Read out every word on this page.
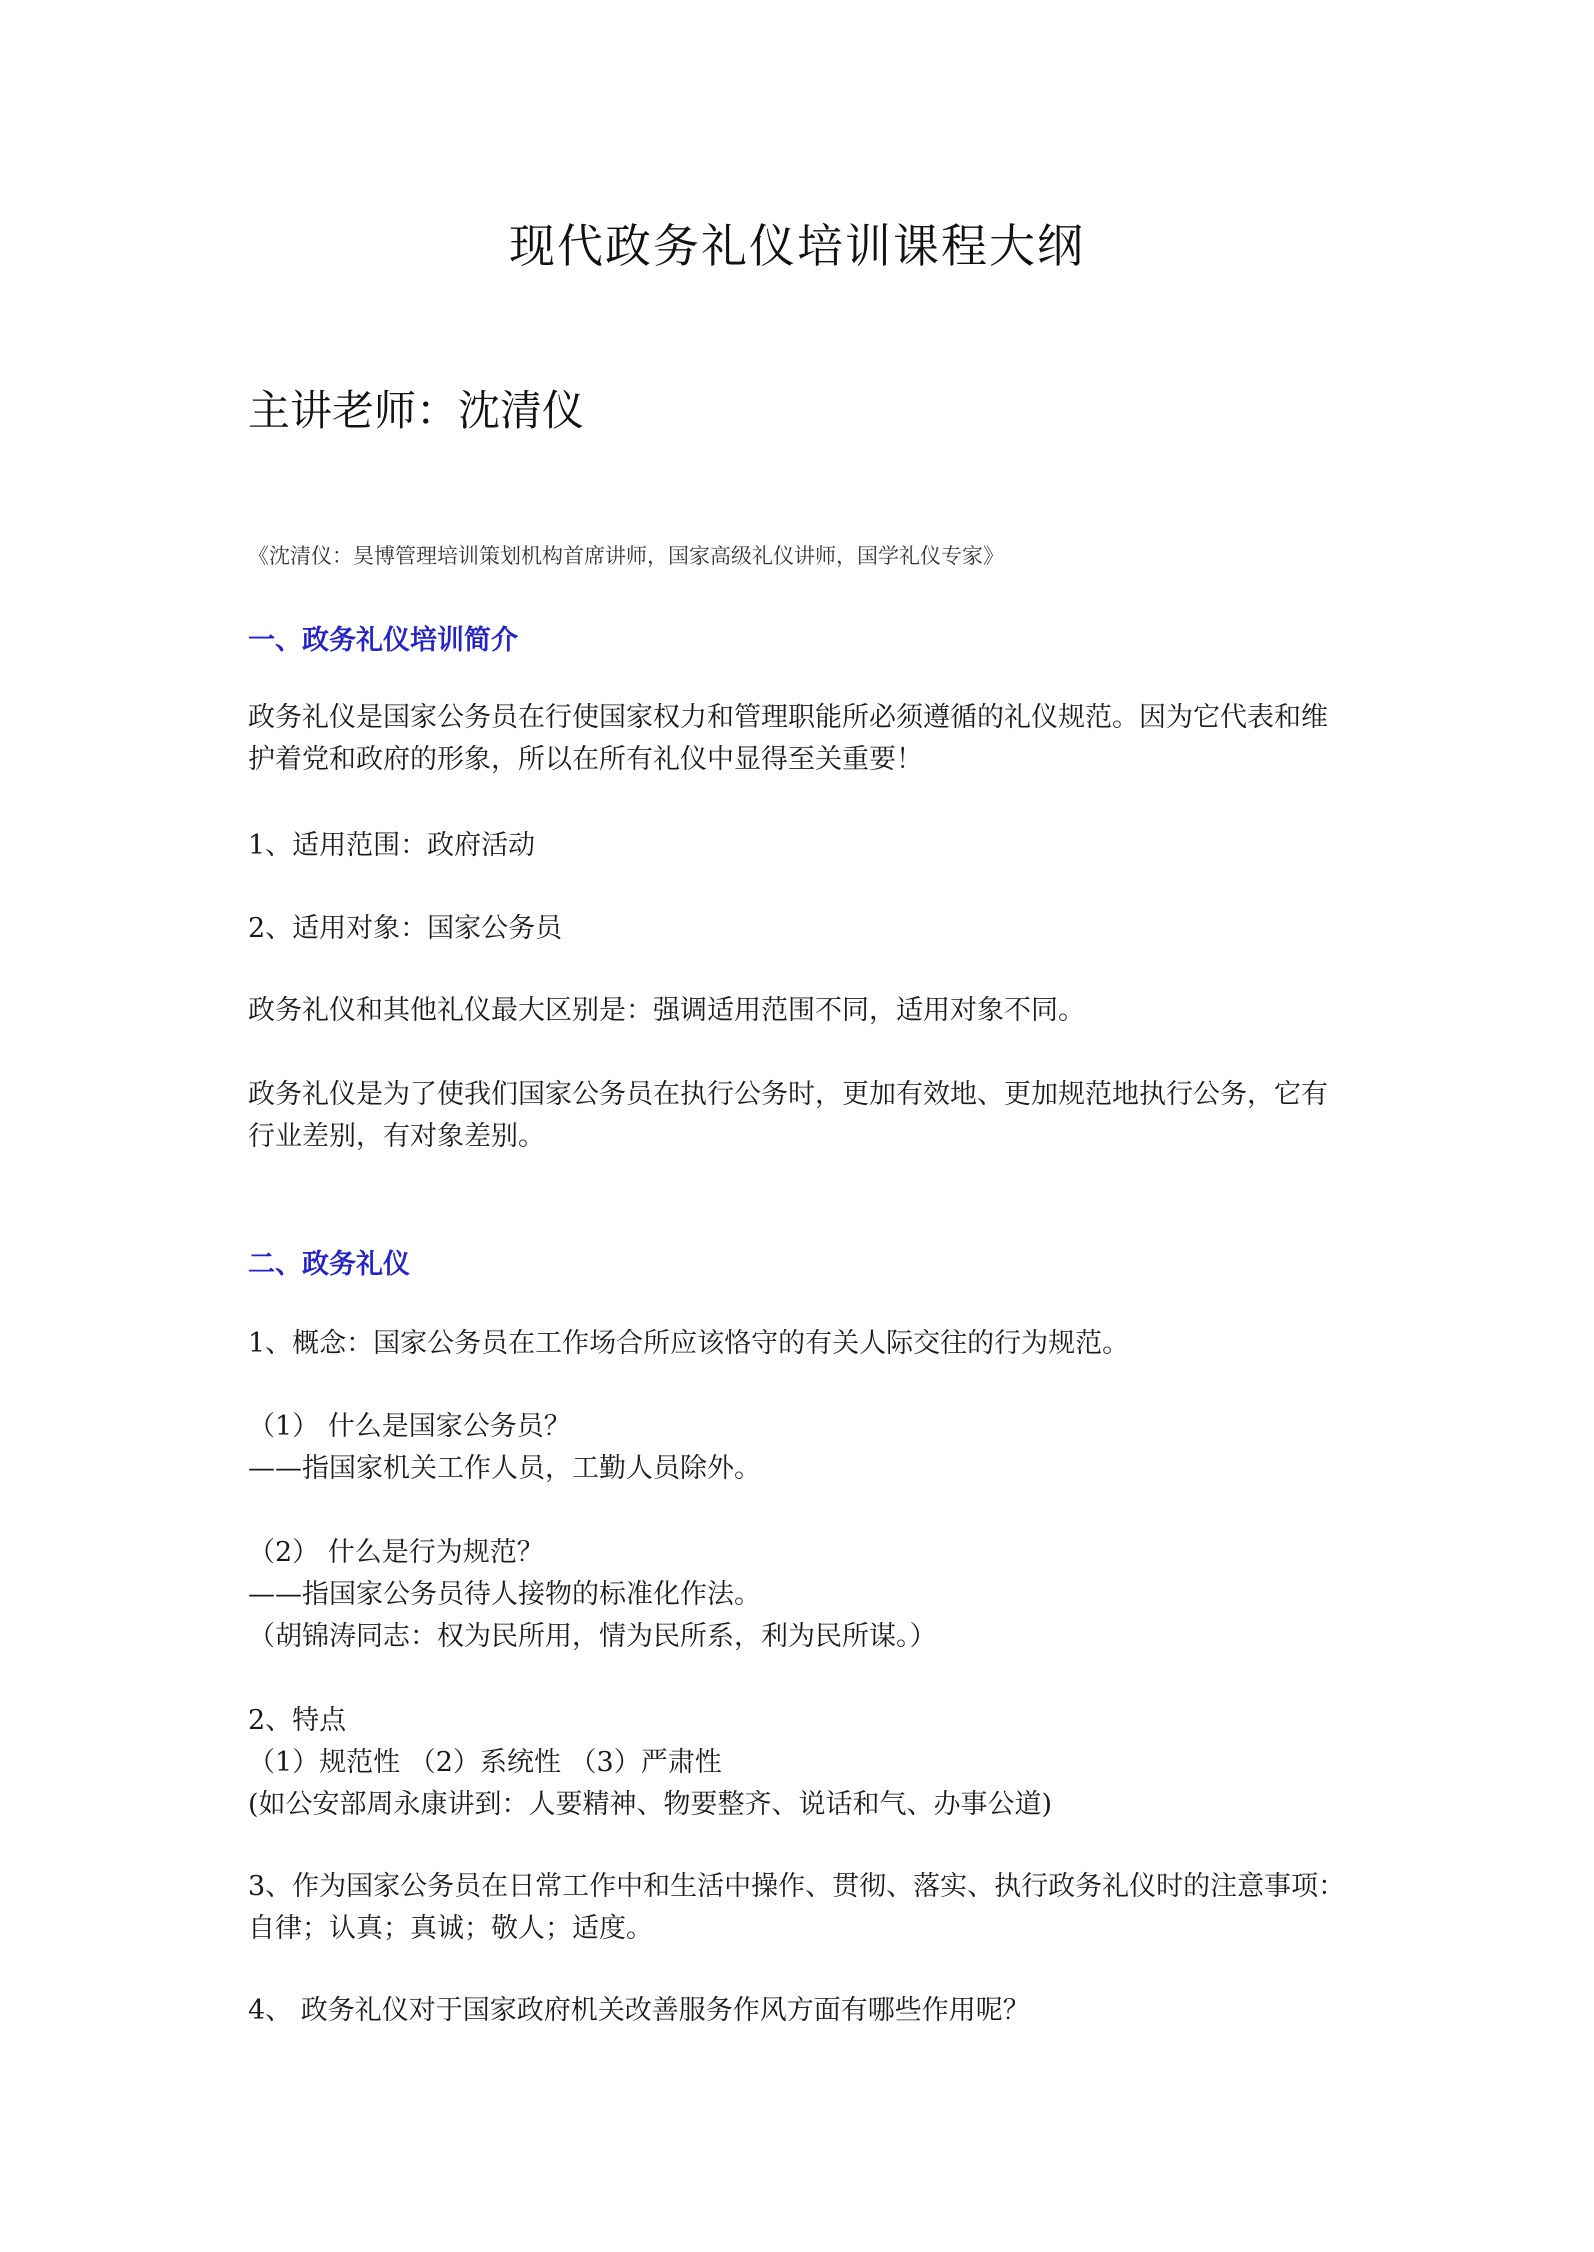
现代政务礼仪培训课程大纲
主讲老师：沈清仪
《沈清仪：昊博管理培训策划机构首席讲师，国家高级礼仪讲师，国学礼仪专家》
一、政务礼仪培训简介
政务礼仪是国家公务员在行使国家权力和管理职能所必须遵循的礼仪规范。因为它代表和维
护着党和政府的形象，所以在所有礼仪中显得至关重要！
1、适用范围：政府活动
2、适用对象：国家公务员
政务礼仪和其他礼仪最大区别是：强调适用范围不同，适用对象不同。
政务礼仪是为了使我们国家公务员在执行公务时，更加有效地、更加规范地执行公务，它有
行业差别，有对象差别。
二、政务礼仪
1、概念：国家公务员在工作场合所应该恪守的有关人际交往的行为规范。
（1） 什么是国家公务员？
——指国家机关工作人员，工勤人员除外。
（2） 什么是行为规范？
——指国家公务员待人接物的标准化作法。
（胡锦涛同志：权为民所用，情为民所系，利为民所谋。）
2、特点
（1）规范性 （2）系统性 （3）严肃性
(如公安部周永康讲到：人要精神、物要整齐、说话和气、办事公道)
3、作为国家公务员在日常工作中和生活中操作、贯彻、落实、执行政务礼仪时的注意事项：
自律；认真；真诚；敬人；适度。
4、 政务礼仪对于国家政府机关改善服务作风方面有哪些作用呢？
